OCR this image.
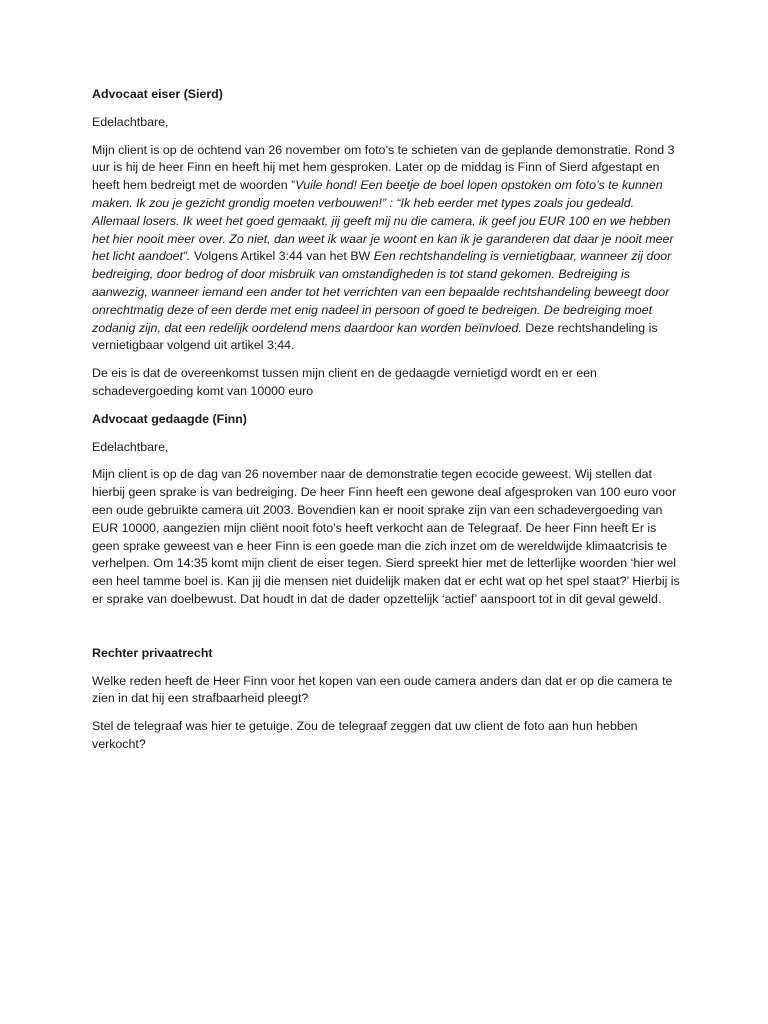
Advocaat eiser (Sierd)
Edelachtbare,
Mijn client is op de ochtend van 26 november om foto’s te schieten van de geplande demonstratie. Rond 3 uur is hij de heer Finn en heeft hij met hem gesproken. Later op de middag is Finn of Sierd afgestapt en heeft hem bedreigt met de woorden ”Vuile hond! Een beetje de boel lopen opstoken om foto’s te kunnen maken. Ik zou je gezicht grondig moeten verbouwen!” : “Ik heb eerder met types zoals jou gedeald. Allemaal losers. Ik weet het goed gemaakt, jij geeft mij nu die camera, ik geef jou EUR 100 en we hebben het hier nooit meer over. Zo niet, dan weet ik waar je woont en kan ik je garanderen dat daar je nooit meer het licht aandoet”. Volgens Artikel 3:44 van het BW Een rechtshandeling is vernietigbaar, wanneer zij door bedreiging, door bedrog of door misbruik van omstandigheden is tot stand gekomen. Bedreiging is aanwezig, wanneer iemand een ander tot het verrichten van een bepaalde rechtshandeling beweegt door onrechtmatig deze of een derde met enig nadeel in persoon of goed te bedreigen. De bedreiging moet zodanig zijn, dat een redelijk oordelend mens daardoor kan worden beïnvloed. Deze rechtshandeling is vernietigbaar volgend uit artikel 3;44.
De eis is dat de overeenkomst tussen mijn client en de gedaagde vernietigd wordt en er een schadevergoeding komt van 10000 euro
Advocaat gedaagde (Finn)
Edelachtbare,
Mijn client is op de dag van 26 november naar de demonstratie tegen ecocide geweest. Wij stellen dat hierbij geen sprake is van bedreiging. De heer Finn heeft een gewone deal afgesproken van 100 euro voor een oude gebruikte camera uit 2003. Bovendien kan er nooit sprake zijn van een schadevergoeding van EUR 10000, aangezien mijn cliënt nooit foto’s heeft verkocht aan de Telegraaf. De heer Finn heeft Er is geen sprake geweest van e heer Finn is een goede man die zich inzet om de wereldwijde klimaatcrisis te verhelpen. Om 14:35 komt mijn client de eiser tegen. Sierd spreekt hier met de letterlijke woorden ‘hier wel een heel tamme boel is. Kan jij die mensen niet duidelijk maken dat er echt wat op het spel staat?’ Hierbij is er sprake van doelbewust. Dat houdt in dat de dader opzettelijk ‘actief’ aanspoort tot in dit geval geweld.
Rechter privaatrecht
Welke reden heeft de Heer Finn voor het kopen van een oude camera anders dan dat er op die camera te zien in dat hij een strafbaarheid pleegt?
Stel de telegraaf was hier te getuige. Zou de telegraaf zeggen dat uw client de foto aan hun hebben verkocht?
